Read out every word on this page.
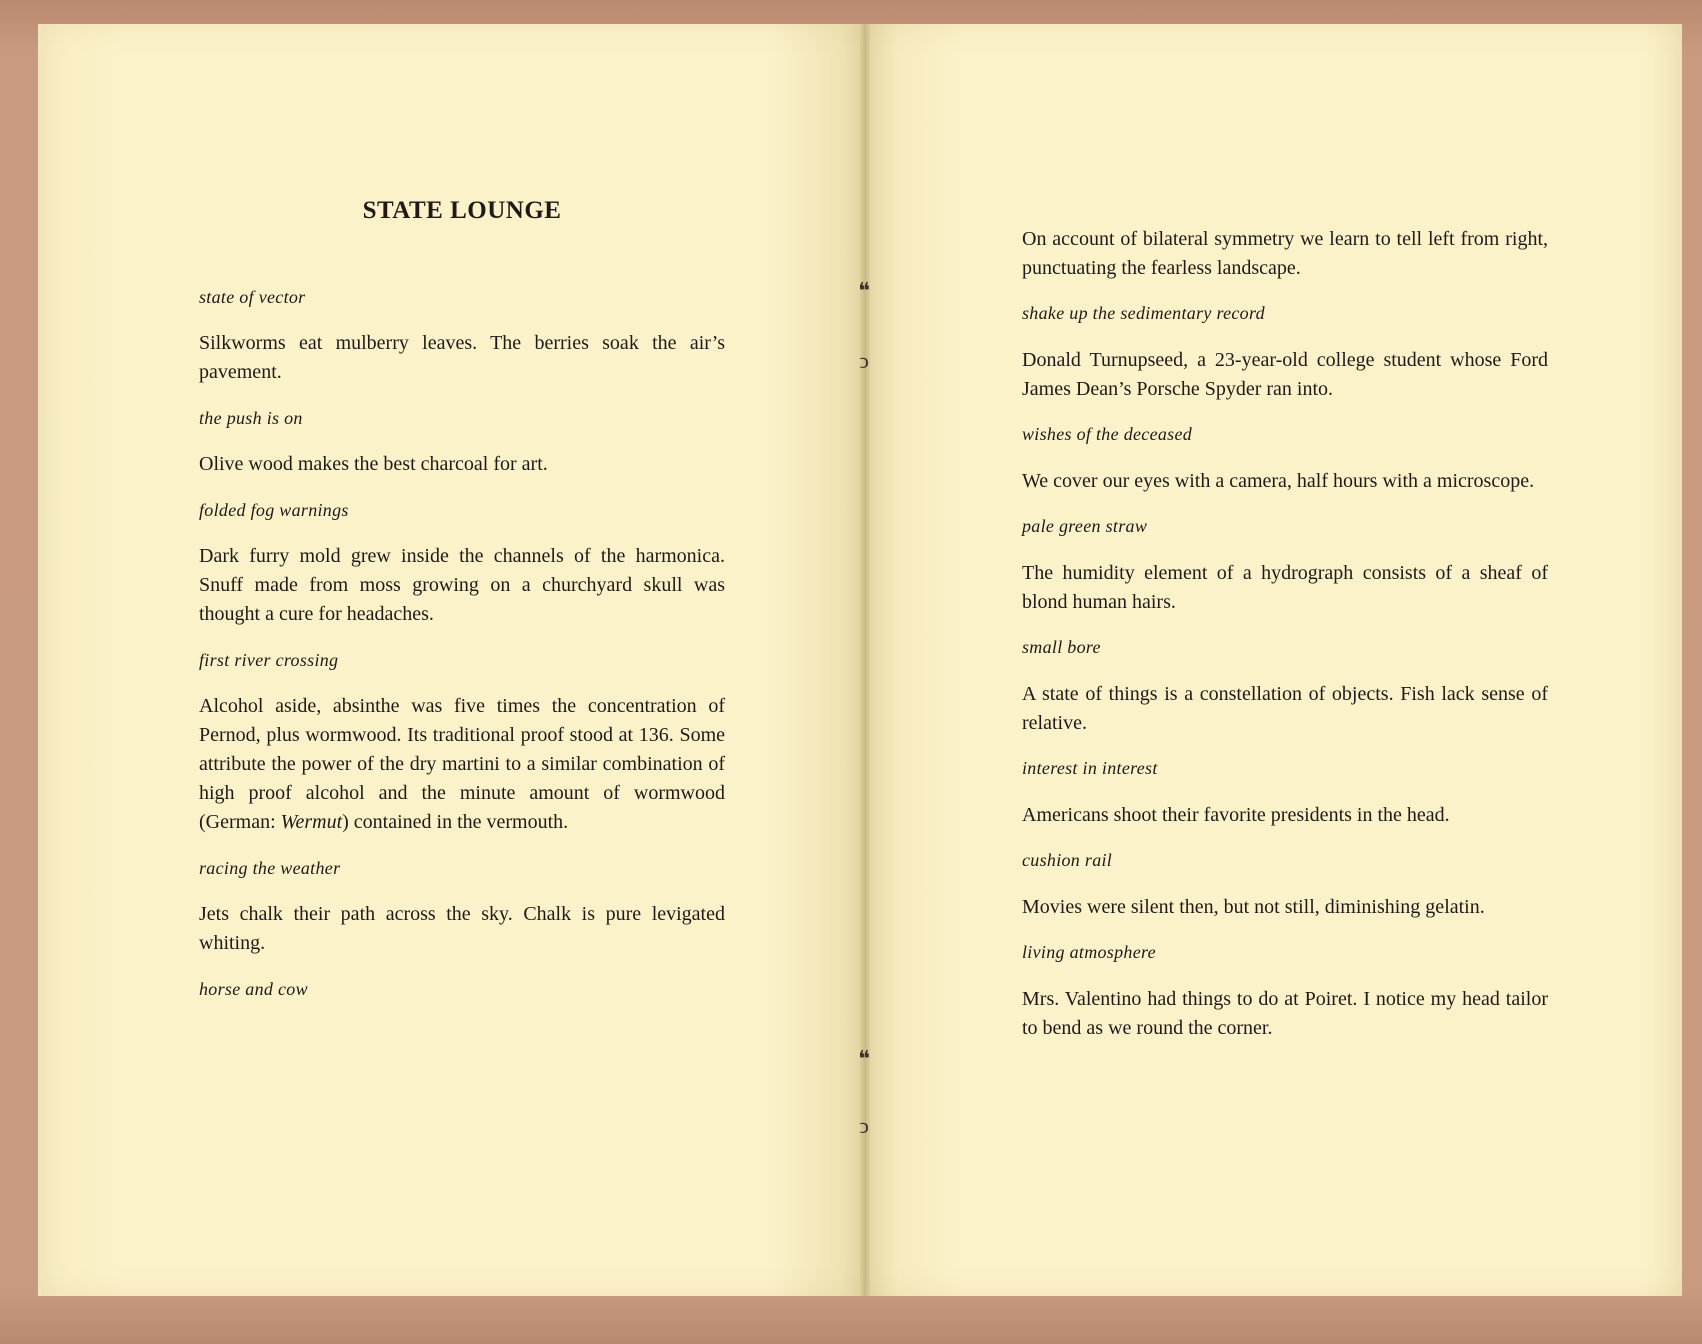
❝
ↄ
❝
ↄ
STATE LOUNGE
state of vector
Silkworms eat mulberry leaves. The berries soak the air’s pavement.
the push is on
Olive wood makes the best charcoal for art.
folded fog warnings
Dark furry mold grew inside the channels of the harmonica. Snuff made from moss growing on a churchyard skull was thought a cure for headaches.
first river crossing
Alcohol aside, absinthe was five times the concentration of Pernod, plus wormwood. Its traditional proof stood at 136. Some attribute the power of the dry martini to a similar combination of high proof alcohol and the minute amount of wormwood (German: Wermut) contained in the vermouth.
racing the weather
Jets chalk their path across the sky. Chalk is pure levigated whiting.
horse and cow
On account of bilateral symmetry we learn to tell left from right, punctuating the fearless landscape.
shake up the sedimentary record
Donald Turnupseed, a 23-year-old college student whose Ford James Dean’s Porsche Spyder ran into.
wishes of the deceased
We cover our eyes with a camera, half hours with a microscope.
pale green straw
The humidity element of a hydrograph consists of a sheaf of blond human hairs.
small bore
A state of things is a constellation of objects. Fish lack sense of relative.
interest in interest
Americans shoot their favorite presidents in the head.
cushion rail
Movies were silent then, but not still, diminishing gelatin.
living atmosphere
Mrs. Valentino had things to do at Poiret. I notice my head tailor to bend as we round the corner.
